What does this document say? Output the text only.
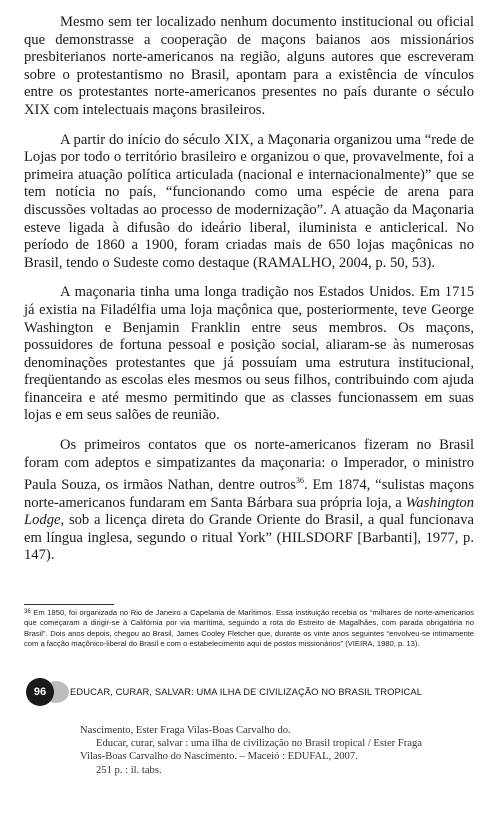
Mesmo sem ter localizado nenhum documento institucional ou oficial que demonstrasse a cooperação de maçons baianos aos missionários presbiterianos norte-americanos na região, alguns autores que escreveram sobre o protestantismo no Brasil, apontam para a existência de vínculos entre os protestantes norte-americanos presentes no país durante o século XIX com intelectuais maçons brasileiros.

A partir do início do século XIX, a Maçonaria organizou uma “rede de Lojas por todo o território brasileiro e organizou o que, provavelmente, foi a primeira atuação política articulada (nacional e internacionalmente)” que se tem notícia no país, “funcionando como uma espécie de arena para discussões voltadas ao processo de modernização”. A atuação da Maçonaria esteve ligada à difusão do ideário liberal, iluminista e anticlerical. No período de 1860 a 1900, foram criadas mais de 650 lojas maçônicas no Brasil, tendo o Sudeste como destaque (RAMALHO, 2004, p. 50, 53).

A maçonaria tinha uma longa tradição nos Estados Unidos. Em 1715 já existia na Filadélfia uma loja maçônica que, posteriormente, teve George Washington e Benjamin Franklin entre seus membros. Os maçons, possuidores de fortuna pessoal e posição social, aliaram-se às numerosas denominações protestantes que já possuíam uma estrutura institucional, freqüentando as escolas eles mesmos ou seus filhos, contribuindo com ajuda financeira e até mesmo permitindo que as classes funcionassem em suas lojas e em seus salões de reunião.

Os primeiros contatos que os norte-americanos fizeram no Brasil foram com adeptos e simpatizantes da maçonaria: o Imperador, o ministro Paula Souza, os irmãos Nathan, dentre outros$^{36}$. Em 1874, “sulistas maçons norte-americanos fundaram em Santa Bárbara sua própria loja, a Washington Lodge, sob a licença direta do Grande Oriente do Brasil, a qual funcionava em língua inglesa, segundo o ritual York” (HILSDORF [Barbanti], 1977, p. 147).

$^{36}$ Em 1850, foi organizada no Rio de Janeiro a Capelania de Marítimos. Essa instituição recebia os “milhares de norte-americanos que começaram a dirigir-se à Califórnia por via marítima, seguindo a rota do Estreito de Magalhães, com parada obrigatória no Brasil”. Dois anos depois, chegou ao Brasil, James Cooley Fletcher que, durante os vinte anos seguintes “envolveu-se intimamente com a facção maçônico-liberal do Brasil e com o estabelecimento aqui de postos missionários” (VIEIRA, 1980, p. 13).
96	EDUCAR, CURAR, SALVAR: UMA ILHA DE CIVILIZAÇÃO NO BRASIL TROPICAL
Nascimento, Ester Fraga Vilas-Boas Carvalho do.
Educar, curar, salvar : uma ilha de civilização no Brasil tropical / Ester Fraga
Vilas-Boas Carvalho do Nascimento. – Maceió : EDUFAL, 2007.
251 p. : il. tabs.
